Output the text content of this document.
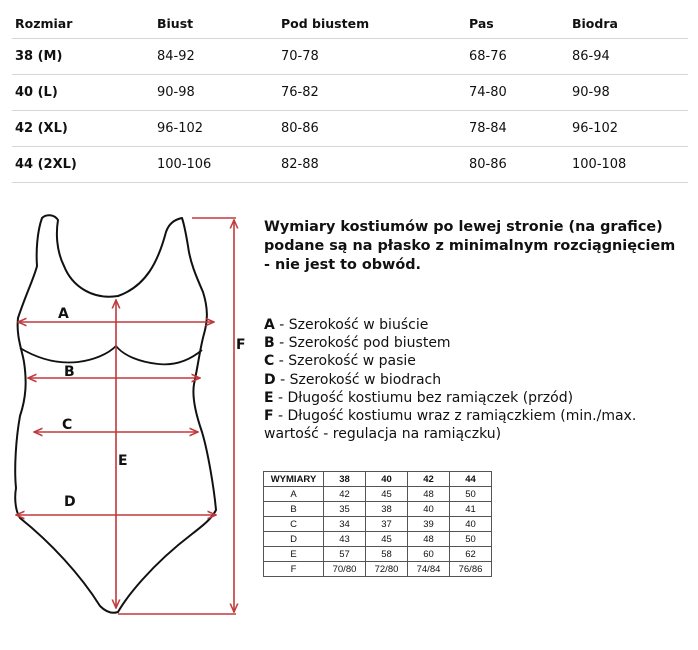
Rozmiar	Biust	Pod biustem	Pas	Biodra
38 (M)	84-92	70-78	68-76	86-94
40 (L)	90-98	76-82	74-80	90-98
42 (XL)	96-102	80-86	78-84	96-102
44 (2XL)	100-106	82-88	80-86	100-108
A
B
C
D
E
F
Wymiary kostiumów po lewej stronie (na grafice)
podane są na płasko z minimalnym rozciągnięciem
- nie jest to obwód.
A - Szerokość w biuście
B - Szerokość pod biustem
C - Szerokość w pasie
D - Szerokość w biodrach
E - Długość kostiumu bez ramiączek (przód)
F - Długość kostiumu wraz z ramiączkiem (min./max.
wartość - regulacja na ramiączku)
WYMIARY	38	40	42	44
A	42	45	48	50
B	35	38	40	41
C	34	37	39	40
D	43	45	48	50
E	57	58	60	62
F	70/80	72/80	74/84	76/86
